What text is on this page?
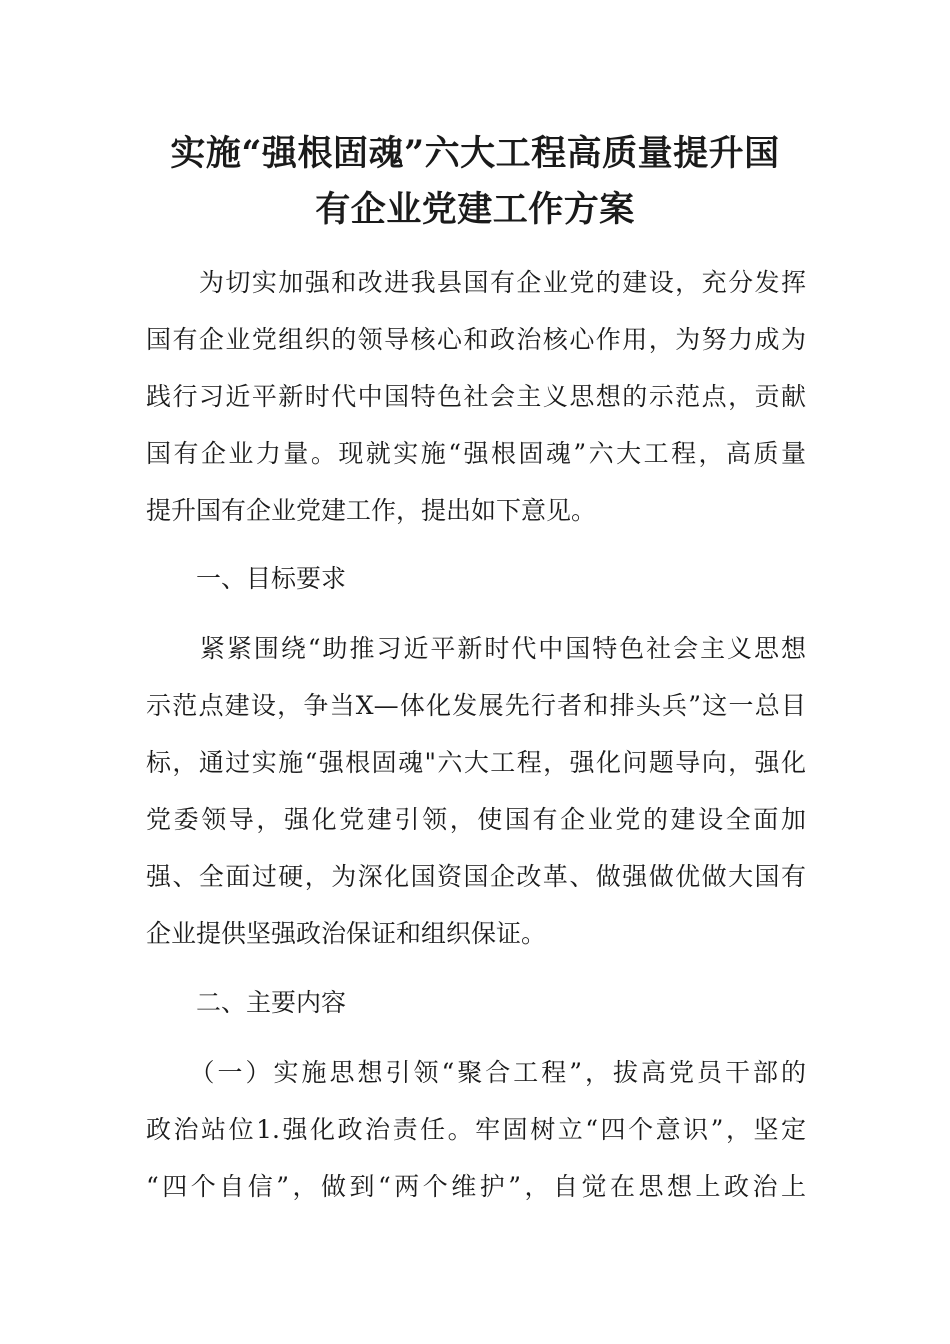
实施“强根固魂”六大工程高质量提升国
有企业党建工作方案

　　为切实加强和改进我县国有企业党的建设，充分发挥

国有企业党组织的领导核心和政治核心作用，为努力成为

践行习近平新时代中国特色社会主义思想的示范点，贡献

国有企业力量。现就实施“强根固魂”六大工程，高质量

提升国有企业党建工作，提出如下意见。

　　一、目标要求

　　紧紧围绕“助推习近平新时代中国特色社会主义思想

示范点建设，争当X—体化发展先行者和排头兵”这一总目

标，通过实施“强根固魂"六大工程，强化问题导向，强化

党委领导，强化党建引领，使国有企业党的建设全面加

强、全面过硬，为深化国资国企改革、做强做优做大国有

企业提供坚强政治保证和组织保证。

　　二、主要内容

　　（一）实施思想引领“聚合工程”，拔高党员干部的

政治站位1.强化政治责任。牢固树立“四个意识”，坚定

“四个自信”，做到“两个维护”，自觉在思想上政治上
